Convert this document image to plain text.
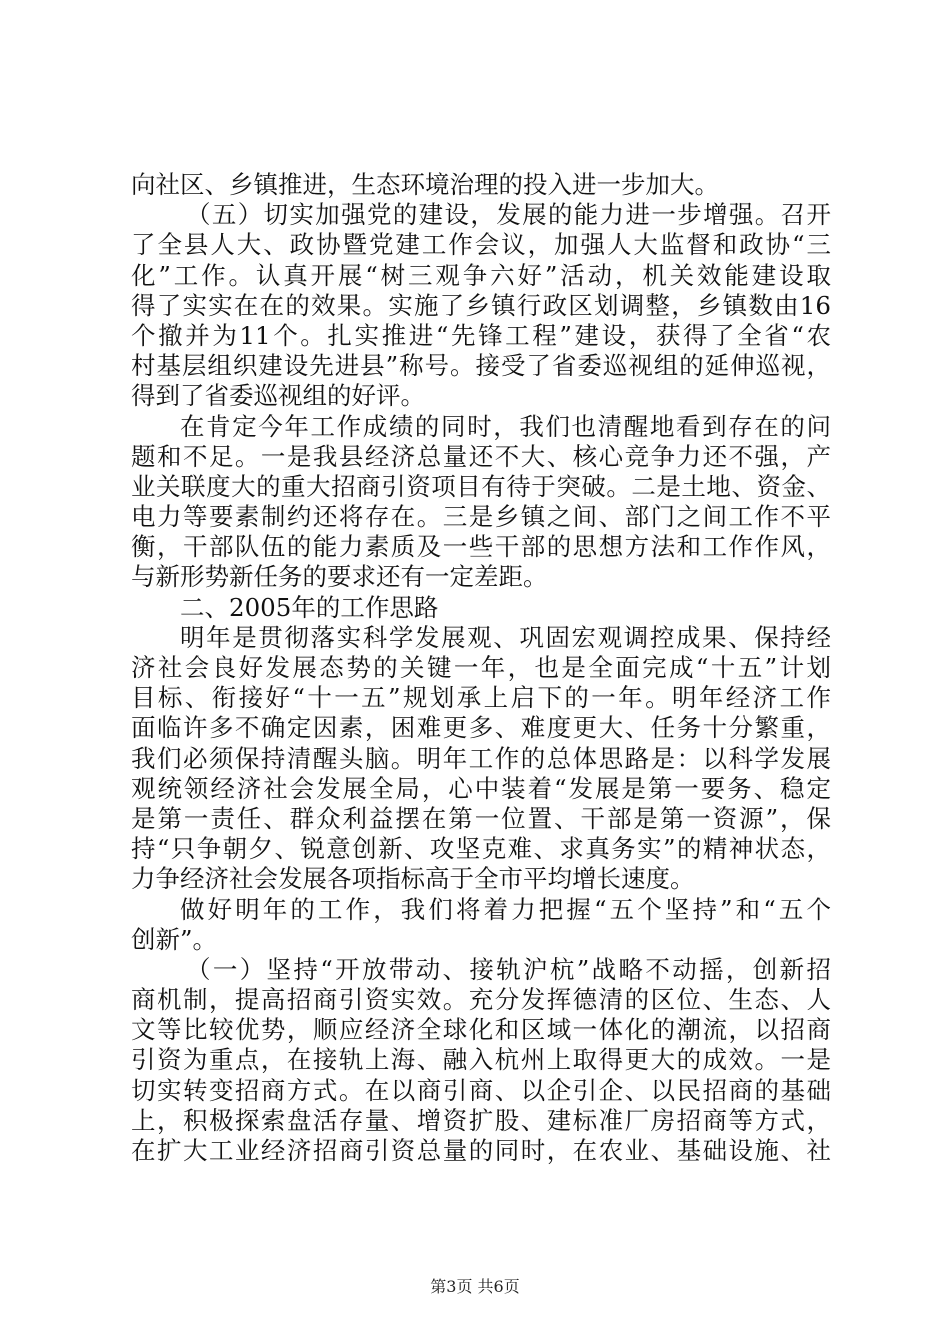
向社区、乡镇推进，生态环境治理的投入进一步加大。
（五）切实加强党的建设，发展的能力进一步增强。召开
了全县人大、政协暨党建工作会议，加强人大监督和政协“三
化”工作。认真开展“树三观争六好”活动，机关效能建设取
得了实实在在的效果。实施了乡镇行政区划调整，乡镇数由16
个撤并为11个。扎实推进“先锋工程”建设，获得了全省“农
村基层组织建设先进县”称号。接受了省委巡视组的延伸巡视，
得到了省委巡视组的好评。
在肯定今年工作成绩的同时，我们也清醒地看到存在的问
题和不足。一是我县经济总量还不大、核心竞争力还不强，产
业关联度大的重大招商引资项目有待于突破。二是土地、资金、
电力等要素制约还将存在。三是乡镇之间、部门之间工作不平
衡，干部队伍的能力素质及一些干部的思想方法和工作作风，
与新形势新任务的要求还有一定差距。
二、2005年的工作思路
明年是贯彻落实科学发展观、巩固宏观调控成果、保持经
济社会良好发展态势的关键一年，也是全面完成“十五”计划
目标、衔接好“十一五”规划承上启下的一年。明年经济工作
面临许多不确定因素，困难更多、难度更大、任务十分繁重，
我们必须保持清醒头脑。明年工作的总体思路是：以科学发展
观统领经济社会发展全局，心中装着“发展是第一要务、稳定
是第一责任、群众利益摆在第一位置、干部是第一资源”，保
持“只争朝夕、锐意创新、攻坚克难、求真务实”的精神状态，
力争经济社会发展各项指标高于全市平均增长速度。
做好明年的工作，我们将着力把握“五个坚持”和“五个
创新”。
（一）坚持“开放带动、接轨沪杭”战略不动摇，创新招
商机制，提高招商引资实效。充分发挥德清的区位、生态、人
文等比较优势，顺应经济全球化和区域一体化的潮流，以招商
引资为重点，在接轨上海、融入杭州上取得更大的成效。一是
切实转变招商方式。在以商引商、以企引企、以民招商的基础
上，积极探索盘活存量、增资扩股、建标准厂房招商等方式，
在扩大工业经济招商引资总量的同时，在农业、基础设施、社
第3页 共6页
